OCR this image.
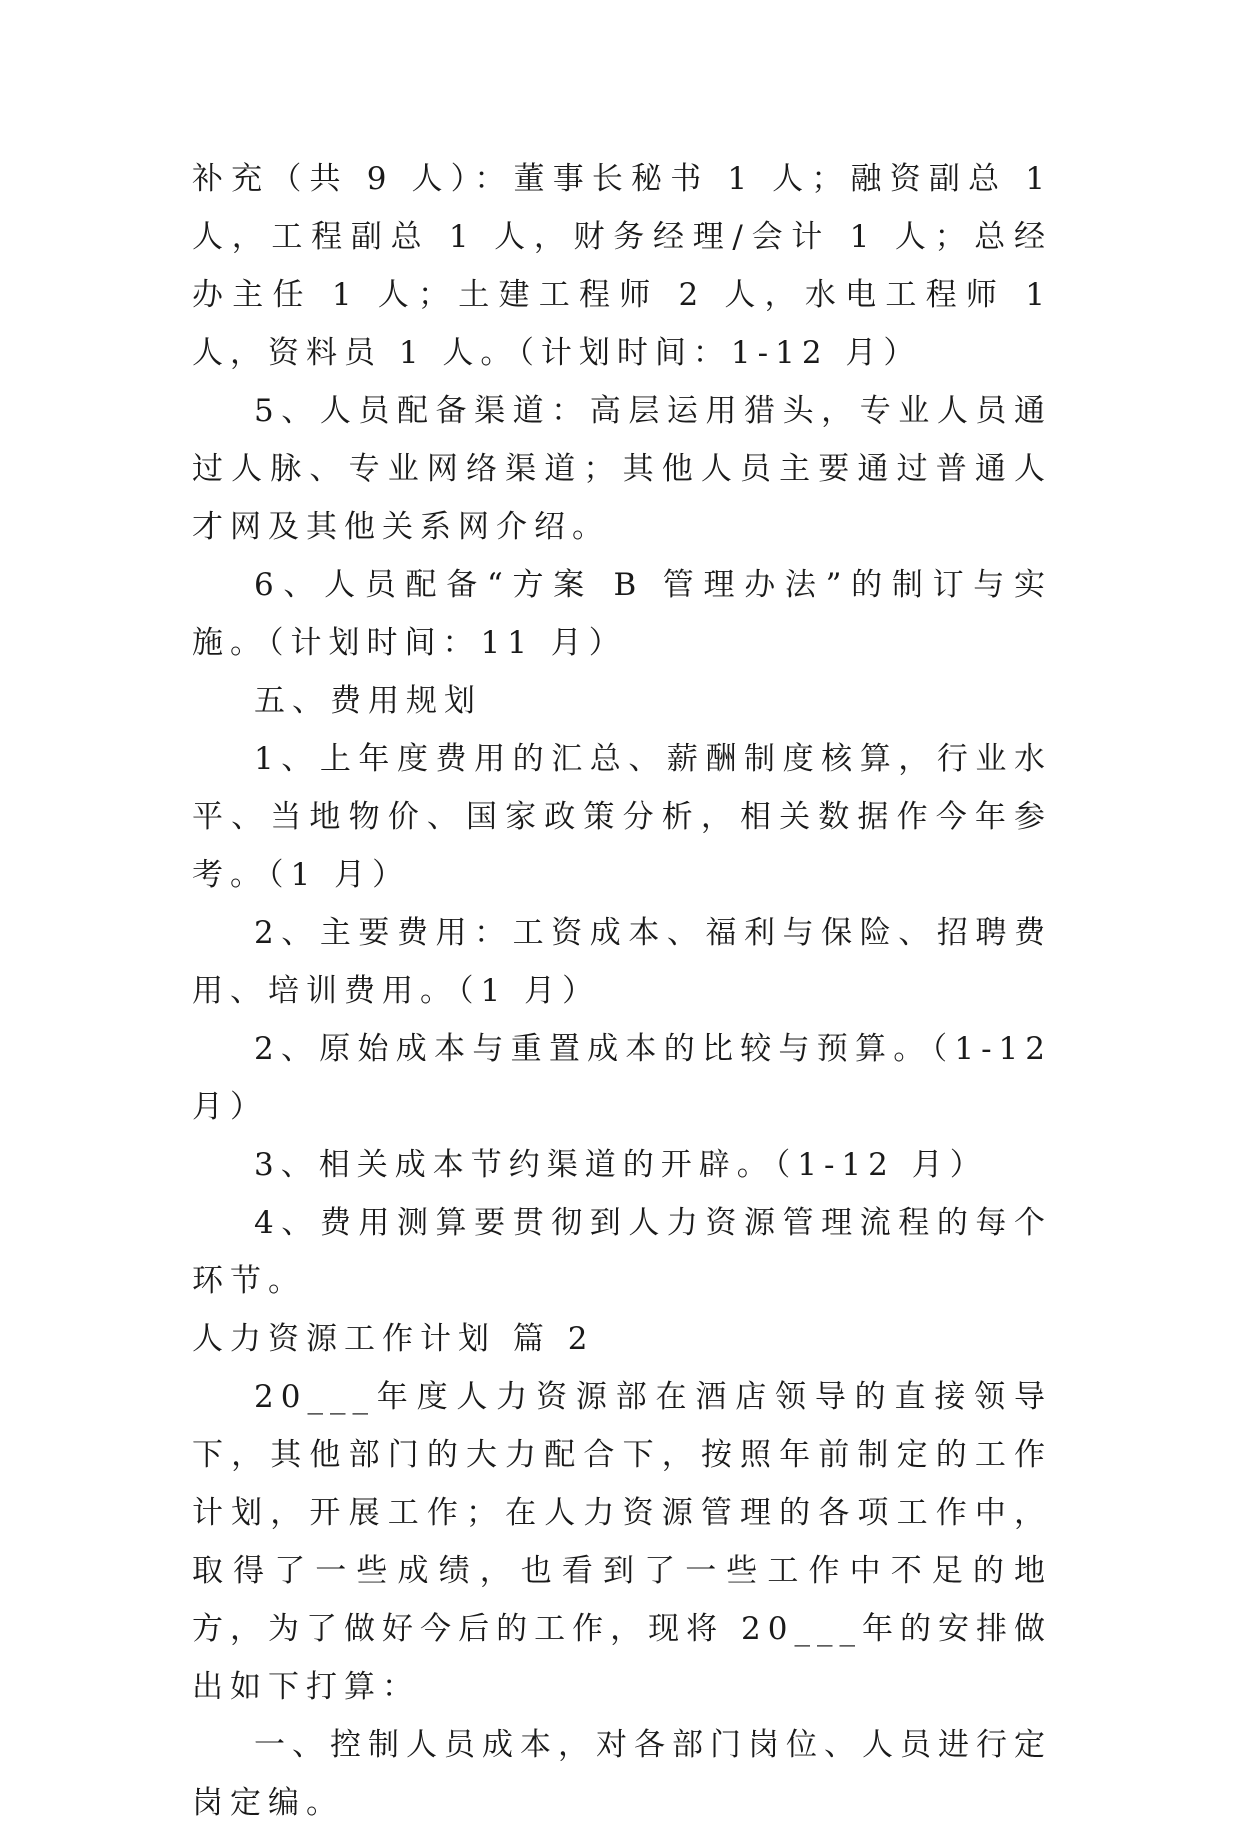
补充（共 9 人）：董事长秘书 1 人；融资副总 1 人，工程副总 1 人，财务经理/会计 1 人；总经办主任 1 人；土建工程师 2 人，水电工程师 1 人，资料员 1 人。（计划时间：1-12 月）

5、人员配备渠道：高层运用猎头，专业人员通过人脉、专业网络渠道；其他人员主要通过普通人才网及其他关系网介绍。

6、人员配备“方案 B 管理办法”的制订与实施。（计划时间：11 月）

五、费用规划

1、上年度费用的汇总、薪酬制度核算，行业水平、当地物价、国家政策分析，相关数据作今年参考。（1 月）

2、主要费用：工资成本、福利与保险、招聘费用、培训费用。（1 月）

2、原始成本与重置成本的比较与预算。（1-12 月）

3、相关成本节约渠道的开辟。（1-12 月）

4、费用测算要贯彻到人力资源管理流程的每个环节。

人力资源工作计划 篇 2

20___年度人力资源部在酒店领导的直接领导下，其他部门的大力配合下，按照年前制定的工作计划，开展工作；在人力资源管理的各项工作中，取得了一些成绩，也看到了一些工作中不足的地方，为了做好今后的工作，现将 20___年的安排做出如下打算：

一、控制人员成本，对各部门岗位、人员进行定岗定编。
